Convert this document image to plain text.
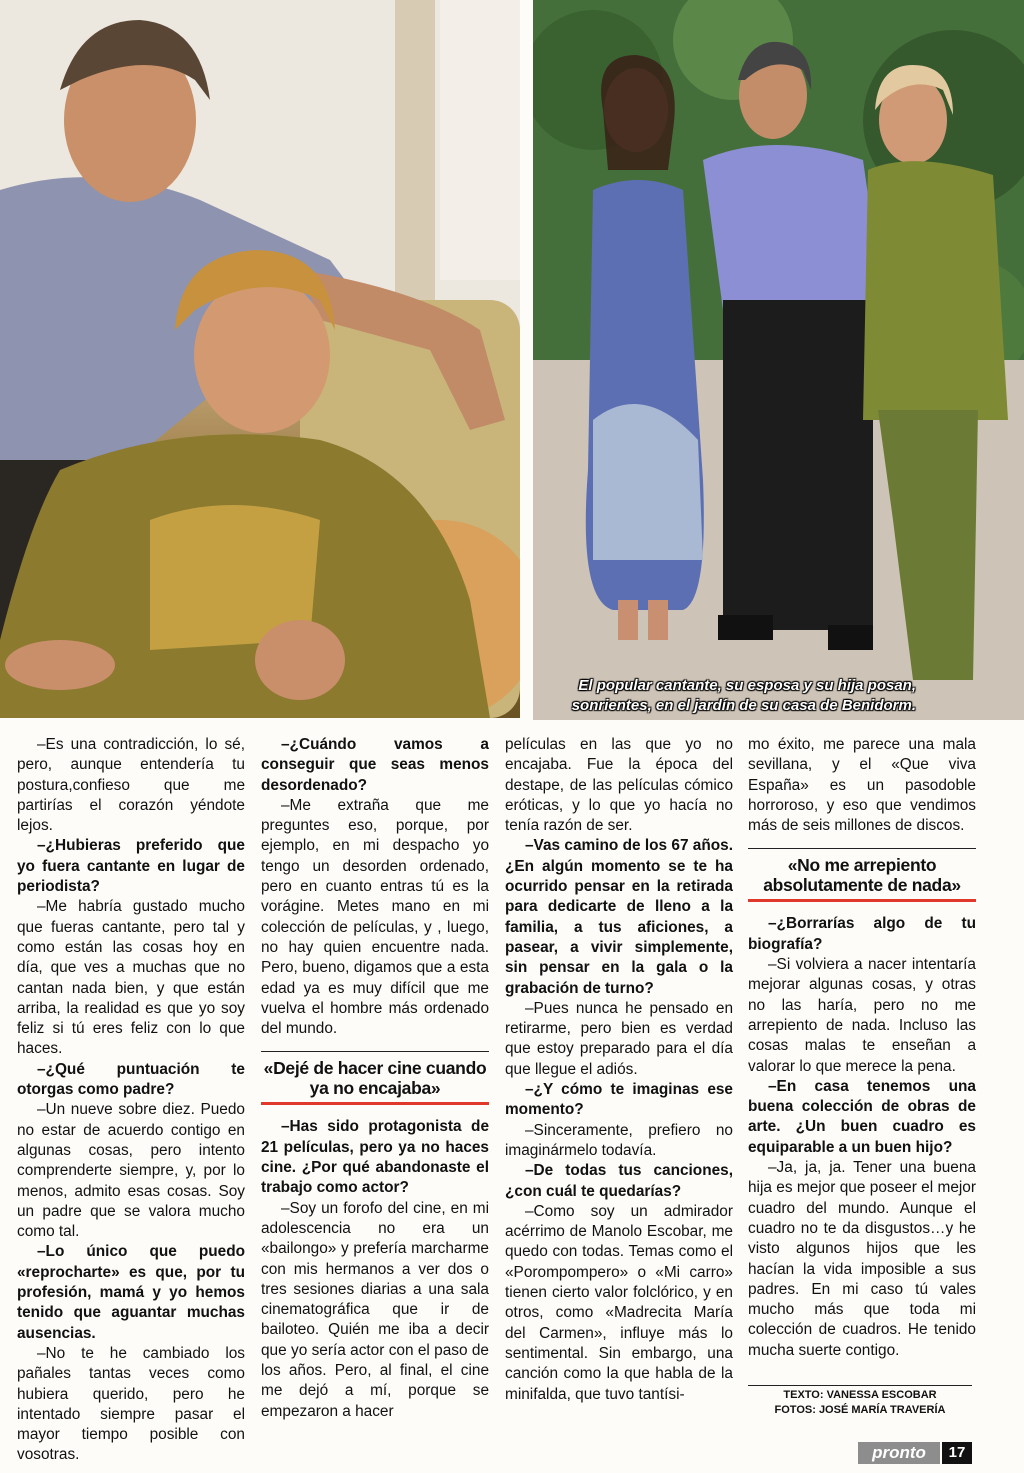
El popular cantante, su esposa y su hija posan, sonrientes, en el jardín de su casa de Benidorm.

–Es una contradicción, lo sé, pero, aunque entendería tu postura,confieso que me partirías el corazón yéndote lejos.

–¿Hubieras preferido que yo fuera cantante en lugar de periodista?

–Me habría gustado mucho que fueras cantante, pero tal y como están las cosas hoy en día, que ves a muchas que no cantan nada bien, y que están arriba, la realidad es que yo soy feliz si tú eres feliz con lo que haces.

–¿Qué puntuación te otorgas como padre?

–Un nueve sobre diez. Puedo no estar de acuerdo contigo en algunas cosas, pero intento comprenderte siempre, y, por lo menos, admito esas cosas. Soy un padre que se valora mucho como tal.

–Lo único que puedo «reprocharte» es que, por tu profesión, mamá y yo hemos tenido que aguantar muchas ausencias.

–No te he cambiado los pañales tantas veces como hubiera querido, pero he intentado siempre pasar el mayor tiempo posible con vosotras.

–¿Cuándo vamos a conseguir que seas menos desordenado?

–Me extraña que me preguntes eso, porque, por ejemplo, en mi despacho yo tengo un desorden ordenado, pero en cuanto entras tú es la vorágine. Metes mano en mi colección de películas, y , luego, no hay quien encuentre nada. Pero, bueno, digamos que a esta edad ya es muy difícil que me vuelva el hombre más ordenado del mundo.

«Dejé de hacer cine cuando ya no encajaba»

–Has sido protagonista de 21 películas, pero ya no haces cine. ¿Por qué abandonaste el trabajo como actor?

–Soy un forofo del cine, en mi adolescencia no era un «bailongo» y prefería marcharme con mis hermanos a ver dos o tres sesiones diarias a una sala cinematográfica que ir de bailoteo. Quién me iba a decir que yo sería actor con el paso de los años. Pero, al final, el cine me dejó a mí, porque se empezaron a hacer

películas en las que yo no encajaba. Fue la época del destape, de las películas cómico eróticas, y lo que yo hacía no tenía razón de ser.

–Vas camino de los 67 años. ¿En algún momento se te ha ocurrido pensar en la retirada para dedicarte de lleno a la familia, a tus aficiones, a pasear, a vivir simplemente, sin pensar en la gala o la grabación de turno?

–Pues nunca he pensado en retirarme, pero bien es verdad que estoy preparado para el día que llegue el adiós.

–¿Y cómo te imaginas ese momento?

–Sinceramente, prefiero no imaginármelo todavía.

–De todas tus canciones, ¿con cuál te quedarías?

–Como soy un admirador acérrimo de Manolo Escobar, me quedo con todas. Temas como el «Porompompero» o «Mi carro» tienen cierto valor folclórico, y en otros, como «Madrecita María del Carmen», influye más lo sentimental. Sin embargo, una canción como la que habla de la minifalda, que tuvo tantísi-

mo éxito, me parece una mala sevillana, y el «Que viva España» es un pasodoble horroroso, y eso que vendimos más de seis millones de discos.

«No me arrepiento absolutamente de nada»

–¿Borrarías algo de tu biografía?

–Si volviera a nacer intentaría mejorar algunas cosas, y otras no las haría, pero no me arrepiento de nada. Incluso las cosas malas te enseñan a valorar lo que merece la pena.

–En casa tenemos una buena colección de obras de arte. ¿Un buen cuadro es equiparable a un buen hijo?

–Ja, ja, ja. Tener una buena hija es mejor que poseer el mejor cuadro del mundo. Aunque el cuadro no te da disgustos…y he visto algunos hijos que les hacían la vida imposible a sus padres. En mi caso tú vales mucho más que toda mi colección de cuadros. He tenido mucha suerte contigo.

TEXTO: VANESSA ESCOBAR
FOTOS: JOSÉ MARÍA TRAVERÍA
pronto	17
